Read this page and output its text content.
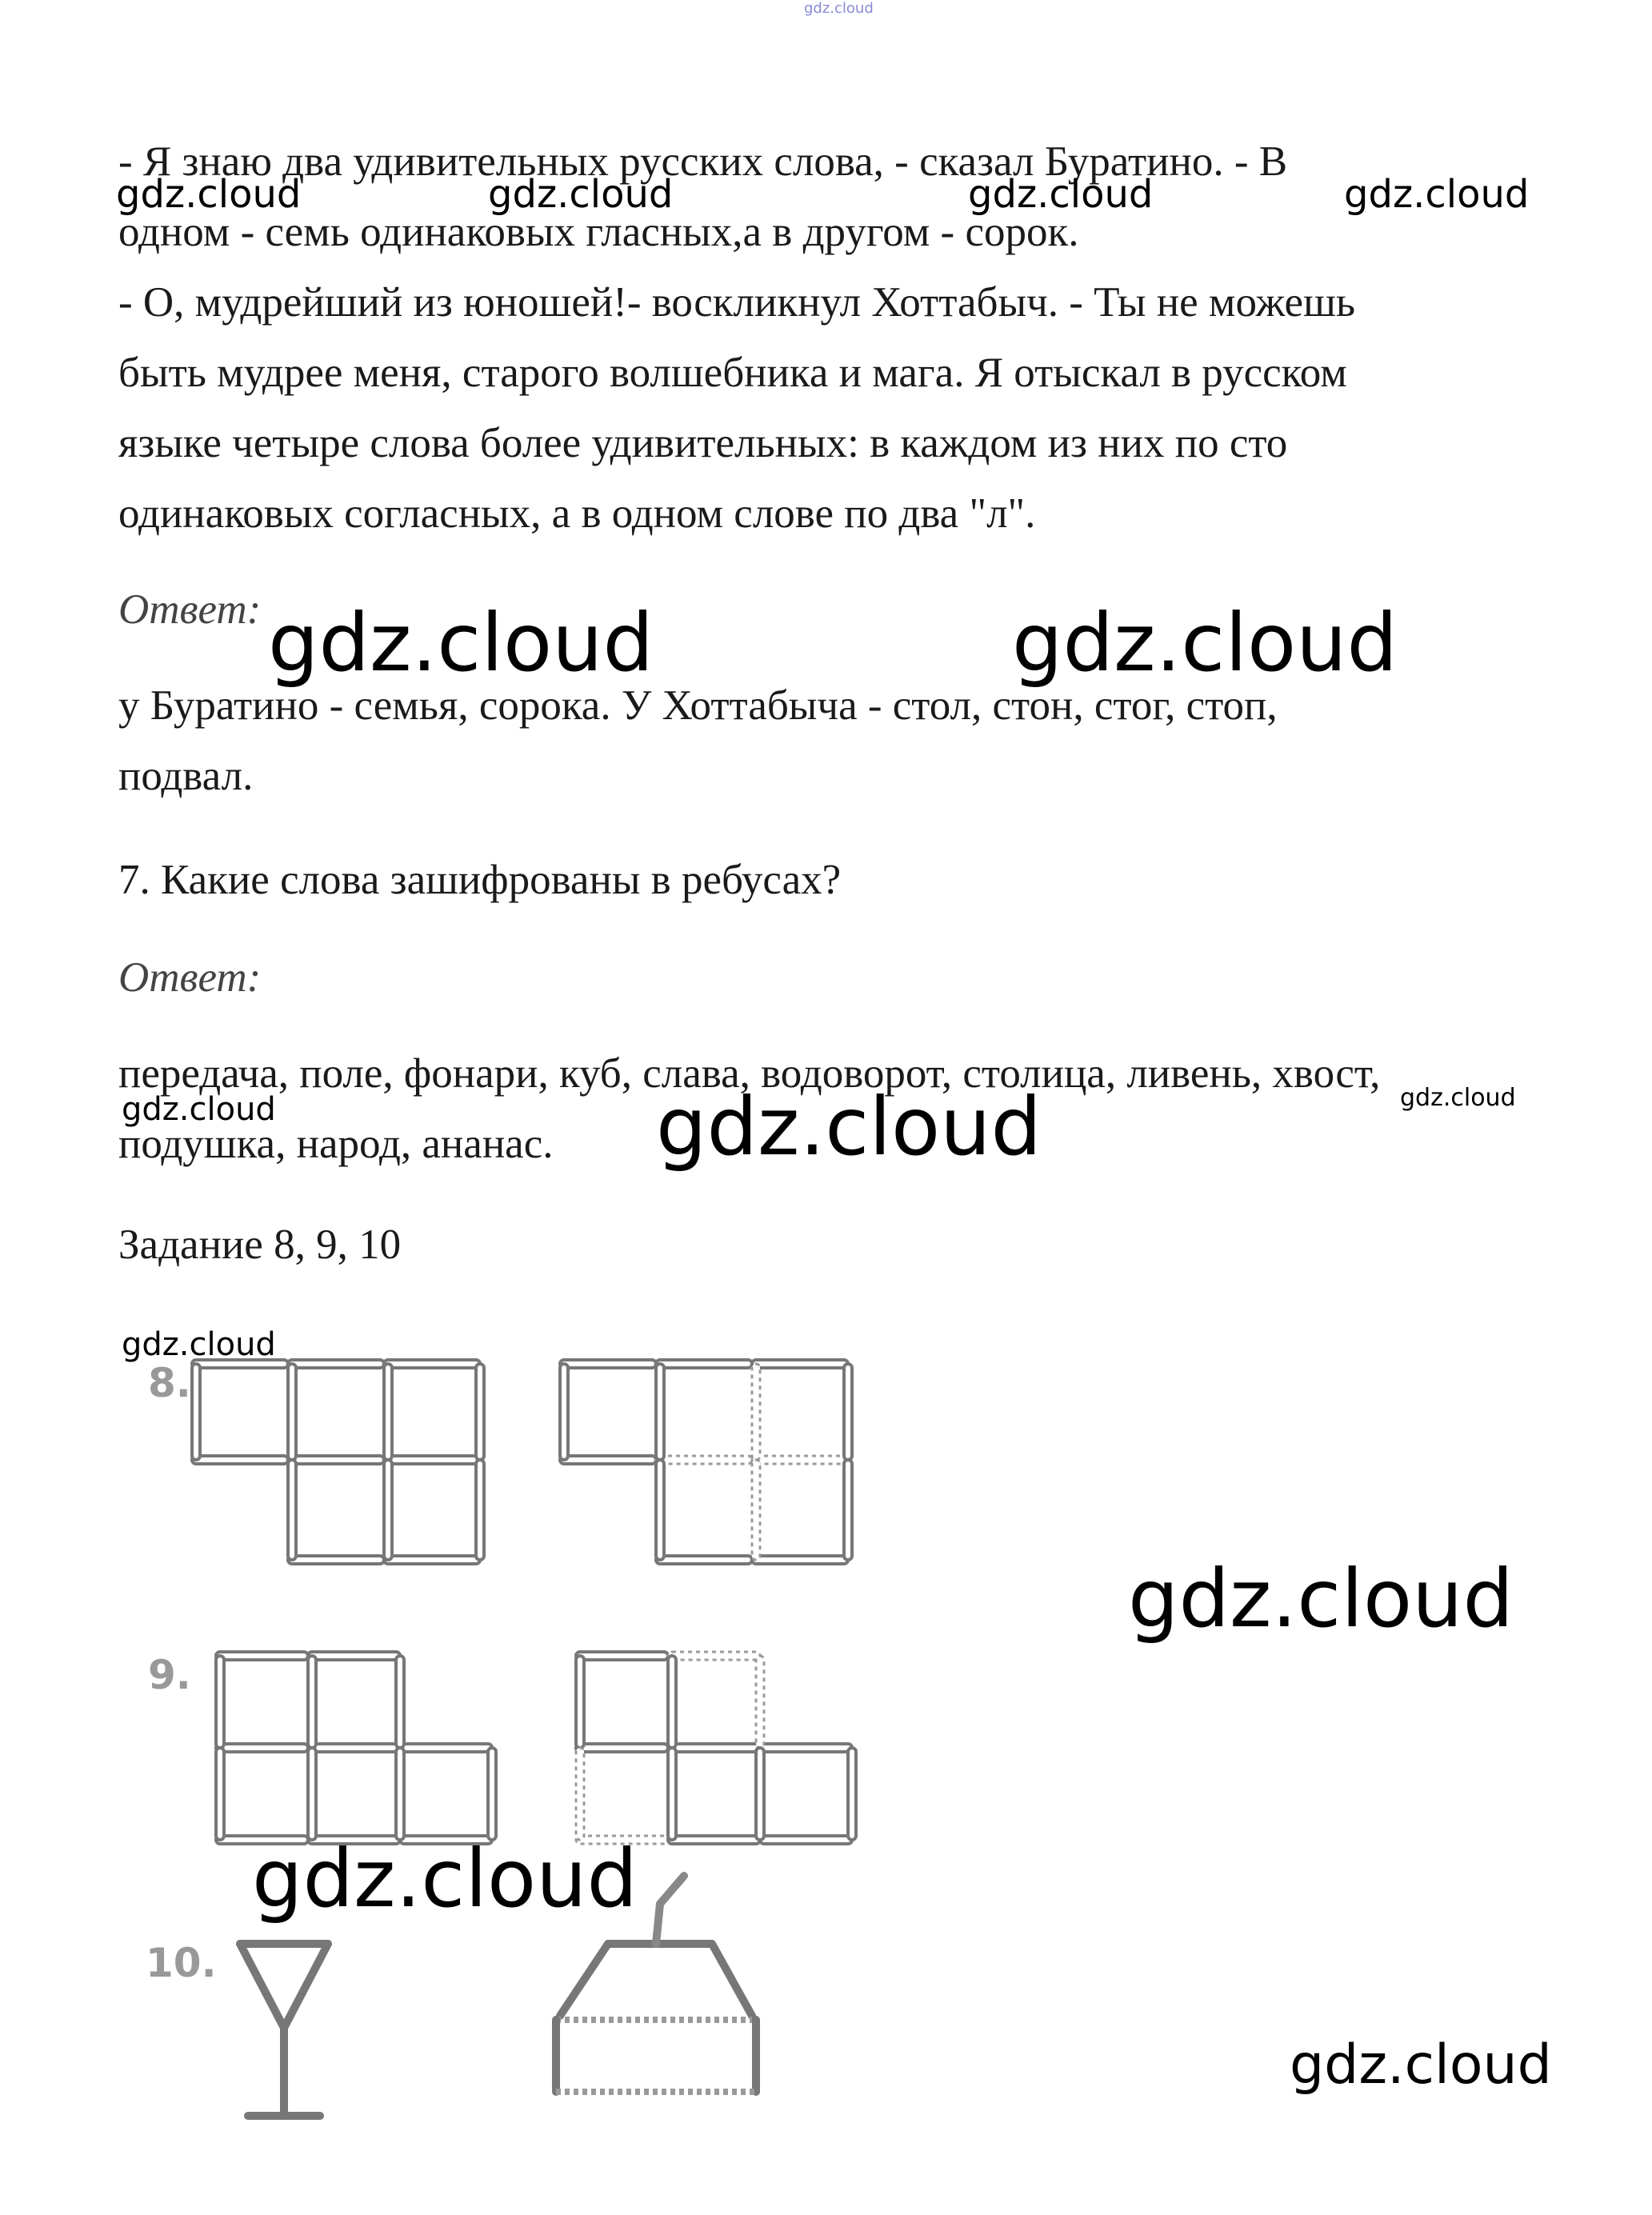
gdz.cloud
- Я знаю два удивительных русских слова, - сказал Буратино. - В
одном - семь одинаковых гласных,а в другом - сорок.
- О, мудрейший из юношей!- воскликнул Хоттабыч. - Ты не можешь
быть мудрее меня, старого волшебника и мага. Я отыскал в русском
языке четыре слова более удивительных: в каждом из них по сто
одинаковых согласных, а в одном слове по два "л".
Ответ:
у Буратино - семья, сорока. У Хоттабыча - стол, стон, стог, стоп,
подвал.
7. Какие слова зашифрованы в ребусах?
Ответ:
передача, поле, фонари, куб, слава, водоворот, столица, ливень, хвост,
подушка, народ, ананас.
Задание 8, 9, 10
8.
9.
10.
gdz.cloud	gdz.cloud	gdz.cloud	gdz.cloud
gdz.cloud	gdz.cloud
gdz.cloud	gdz.cloud	gdz.cloud
gdz.cloud
gdz.cloud
gdz.cloud
gdz.cloud
